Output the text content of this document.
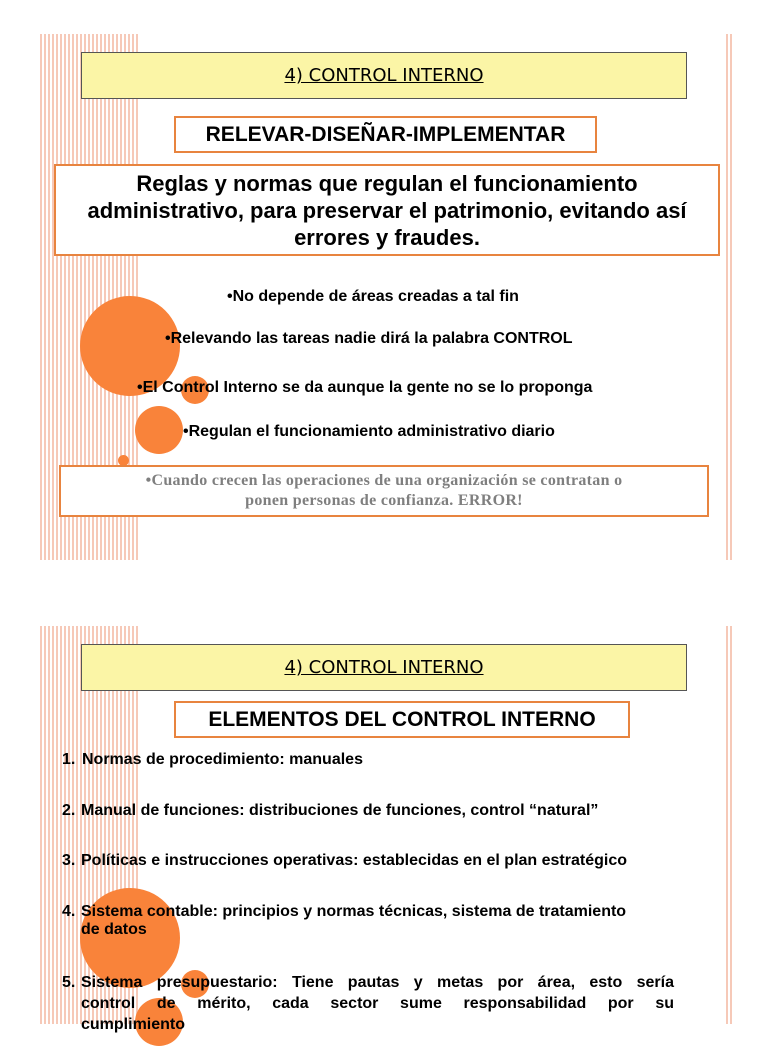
4) CONTROL INTERNO
RELEVAR-DISEÑAR-IMPLEMENTAR
Reglas y normas que regulan el funcionamiento
administrativo, para preservar el patrimonio, evitando así
errores y fraudes.
•No depende de áreas creadas a tal fin
•Relevando las tareas nadie dirá la palabra CONTROL
•El Control Interno se da aunque la gente no se lo proponga
•Regulan el funcionamiento administrativo diario
•Cuando crecen las operaciones de una organización se contratan o
ponen personas de confianza. ERROR!
4) CONTROL INTERNO
ELEMENTOS DEL CONTROL INTERNO
1. Normas de procedimiento: manuales
2. Manual de funciones: distribuciones de funciones, control “natural”
3. Políticas e instrucciones operativas: establecidas en el plan estratégico
4. Sistema contable: principios y normas técnicas, sistema de tratamiento
de datos
5. Sistema presupuestario: Tiene pautas y metas por área, esto sería
control de mérito, cada sector sume responsabilidad por su
cumplimiento
